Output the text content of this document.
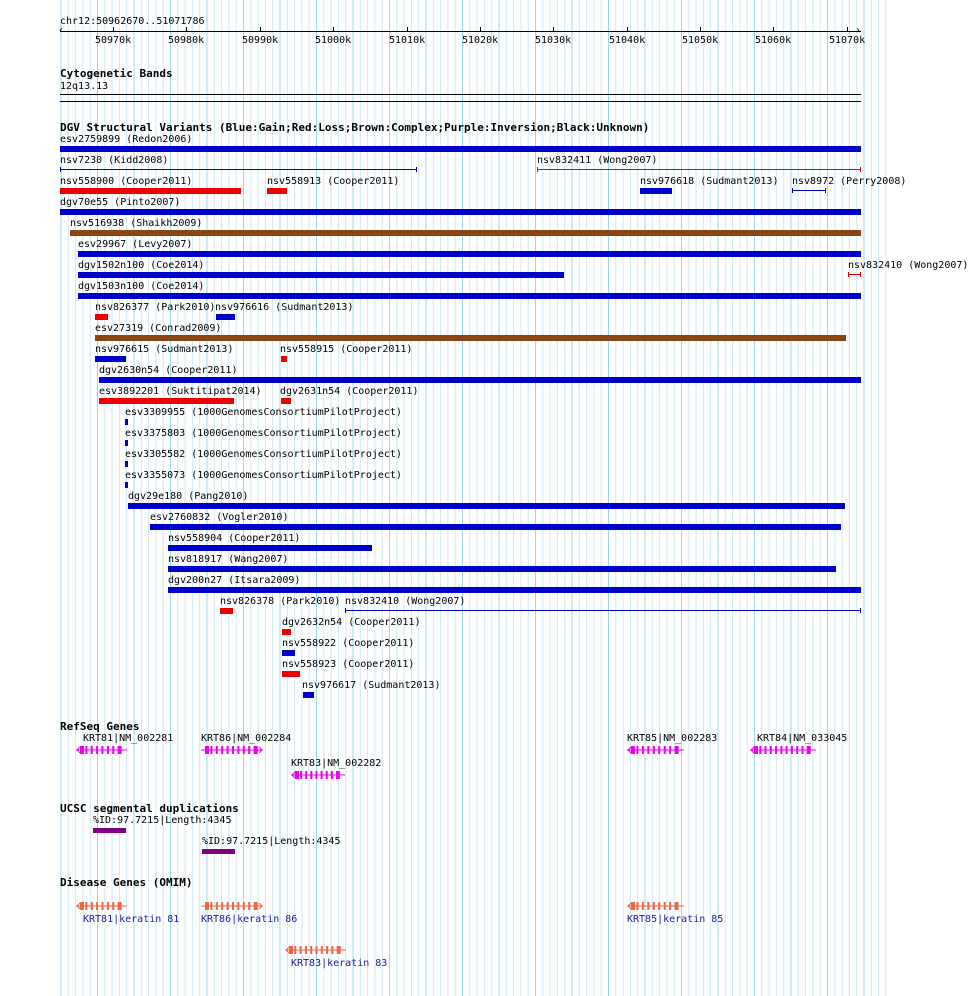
chr12:50962670..51071786
‹	›
50970k	50980k	50990k	51000k	51010k	51020k	51030k	51040k	51050k	51060k	51070k
Cytogenetic Bands
12q13.13
DGV Structural Variants (Blue:Gain;Red:Loss;Brown:Complex;Purple:Inversion;Black:Unknown)
esv2759899 (Redon2006)
nsv7230 (Kidd2008)	nsv832411 (Wong2007)
nsv558900 (Cooper2011)	nsv558913 (Cooper2011)	nsv976618 (Sudmant2013) nsv8972 (Perry2008)
dgv70e55 (Pinto2007)
nsv516938 (Shaikh2009)
esv29967 (Levy2007)
dgv1502n100 (Coe2014)	nsv832410 (Wong2007)
dgv1503n100 (Coe2014)
nsv826377 (Park2010) nsv976616 (Sudmant2013)
esv27319 (Conrad2009)
nsv976615 (Sudmant2013)	nsv558915 (Cooper2011)
dgv2630n54 (Cooper2011)
esv3892201 (Suktitipat2014) dgv2631n54 (Cooper2011)
esv3309955 (1000GenomesConsortiumPilotProject)
esv3375803 (1000GenomesConsortiumPilotProject)
esv3305582 (1000GenomesConsortiumPilotProject)
esv3355073 (1000GenomesConsortiumPilotProject)
dgv29e180 (Pang2010)
esv2760832 (Vogler2010)
nsv558904 (Cooper2011)
nsv818917 (Wang2007)
dgv200n27 (Itsara2009)
nsv826378 (Park2010) nsv832410 (Wong2007)
dgv2632n54 (Cooper2011)
nsv558922 (Cooper2011)
nsv558923 (Cooper2011)
nsv976617 (Sudmant2013)
RefSeq Genes
KRT81|NM_002281	KRT86|NM_002284
KRT83|NM_002282
KRT85|NM_002283	KRT84|NM_033045
UCSC segmental duplications
%ID:97.7215|Length:4345
%ID:97.7215|Length:4345
Disease Genes (OMIM)
KRT81|keratin 81 KRT86|keratin 86	KRT85|keratin 85
KRT83|keratin 83
